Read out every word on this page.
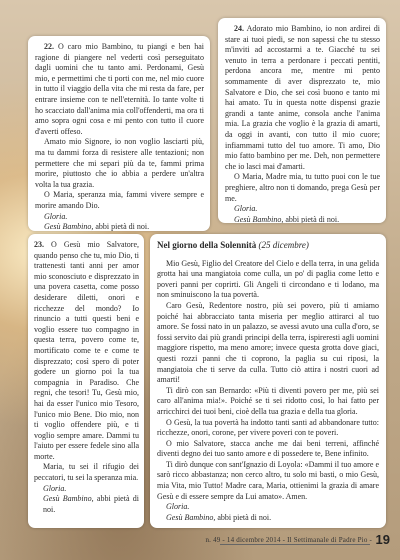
22. O caro mio Bambino, tu piangi e ben hai ragione di piangere nel vederti così perseguitato dagli uomini che tu tanto ami. Perdonami, Gesù mio, e permettimi che ti porti con me, nel mio cuore in tutto il viaggio della vita che mi resta da fare, per entrare insieme con te nell'eternità. Io tante volte ti ho scacciato dall'anima mia coll'offenderti, ma ora ti amo sopra ogni cosa e mi pento con tutto il cuore d'averti offeso.

Amato mio Signore, io non voglio lasciarti più, ma tu dammi forza di resistere alle tentazioni; non permettere che mi separi più da te, fammi prima morire, piuttosto che io abbia a perdere un'altra volta la tua grazia.

O Maria, speranza mia, fammi vivere sempre e morire amando Dio.

Gloria.
Gesù Bambino, abbi pietà di noi.

24. Adorato mio Bambino, io non ardirei di stare ai tuoi piedi, se non sapessi che tu stesso m'inviti ad accostarmi a te. Giacché tu sei venuto in terra a perdonare i peccati pentiti, perdona ancora me, mentre mi pento sommamente di aver disprezzato te, mio Salvatore e Dio, che sei così buono e tanto mi hai amato. Tu in questa notte dispensi grazie grandi a tante anime, consola anche l'anima mia. La grazia che voglio è la grazia di amarti, da oggi in avanti, con tutto il mio cuore; infiammami tutto del tuo amore. Ti amo, Dio mio fatto bambino per me. Deh, non permettere che io lasci mai d'amarti.

O Maria, Madre mia, tu tutto puoi con le tue preghiere, altro non ti domando, prega Gesù per me.

Gloria.
Gesù Bambino, abbi pietà di noi.

23. O Gesù mio Salvatore, quando penso che tu, mio Dio, ti trattenesti tanti anni per amor mio sconosciuto e disprezzato in una povera casetta, come posso desiderare diletti, onori e ricchezze del mondo? Io rinuncio a tutti questi beni e voglio essere tuo compagno in questa terra, povero come te, mortificato come te e come te disprezzato; così spero di poter godere un giorno poi la tua compagnia in Paradiso. Che regni, che tesori! Tu, Gesù mio, hai da esser l'unico mio Tesoro, l'unico mio Bene. Dio mio, non ti voglio offendere più, e ti voglio sempre amare. Dammi tu l'aiuto per essere fedele sino alla morte.

Maria, tu sei il rifugio dei peccatori, tu sei la speranza mia.

Gloria.
Gesù Bambino, abbi pietà di noi.

Nel giorno della Solennità (25 dicembre)

Mio Gesù, Figlio del Creatore del Cielo e della terra, in una gelida grotta hai una mangiatoia come culla, un po' di paglia come letto e poveri panni per coprirti. Gli Angeli ti circondano e ti lodano, ma non sminuiscono la tua povertà.

Caro Gesù, Redentore nostro, più sei povero, più ti amiamo poiché hai abbracciato tanta miseria per meglio attirarci al tuo amore. Se fossi nato in un palazzo, se avessi avuto una culla d'oro, se fossi servito dai più grandi principi della terra, ispireresti agli uomini maggiore rispetto, ma meno amore; invece questa grotta dove giaci, questi rozzi panni che ti coprono, la paglia su cui riposi, la mangiatoia che ti serve da culla. Tutto ciò attira i nostri cuori ad amarti!

Ti dirò con san Bernardo: «Più ti diventi povero per me, più sei caro all'anima mia!». Poiché se ti sei ridotto così, lo hai fatto per arricchirci dei tuoi beni, cioè della tua grazia e della tua gloria.

O Gesù, la tua povertà ha indotto tanti santi ad abbandonare tutto: ricchezze, onori, corone, per vivere poveri con te poveri.

O mio Salvatore, stacca anche me dai beni terreni, affinché diventi degno dei tuo santo amore e di possedere te, Bene infinito.

Ti dirò dunque con sant'Ignazio di Loyola: «Dammi il tuo amore e sarò ricco abbastanza; non cerco altro, tu solo mi basti, o mio Gesù, mia Vita, mio Tutto! Madre cara, Maria, ottienimi la grazia di amare Gesù e di essere sempre da Lui amato». Amen.

Gloria.
Gesù Bambino, abbi pietà di noi.
n. 49 - 14 dicembre 2014 - Il Settimanale di Padre Pio - 19
